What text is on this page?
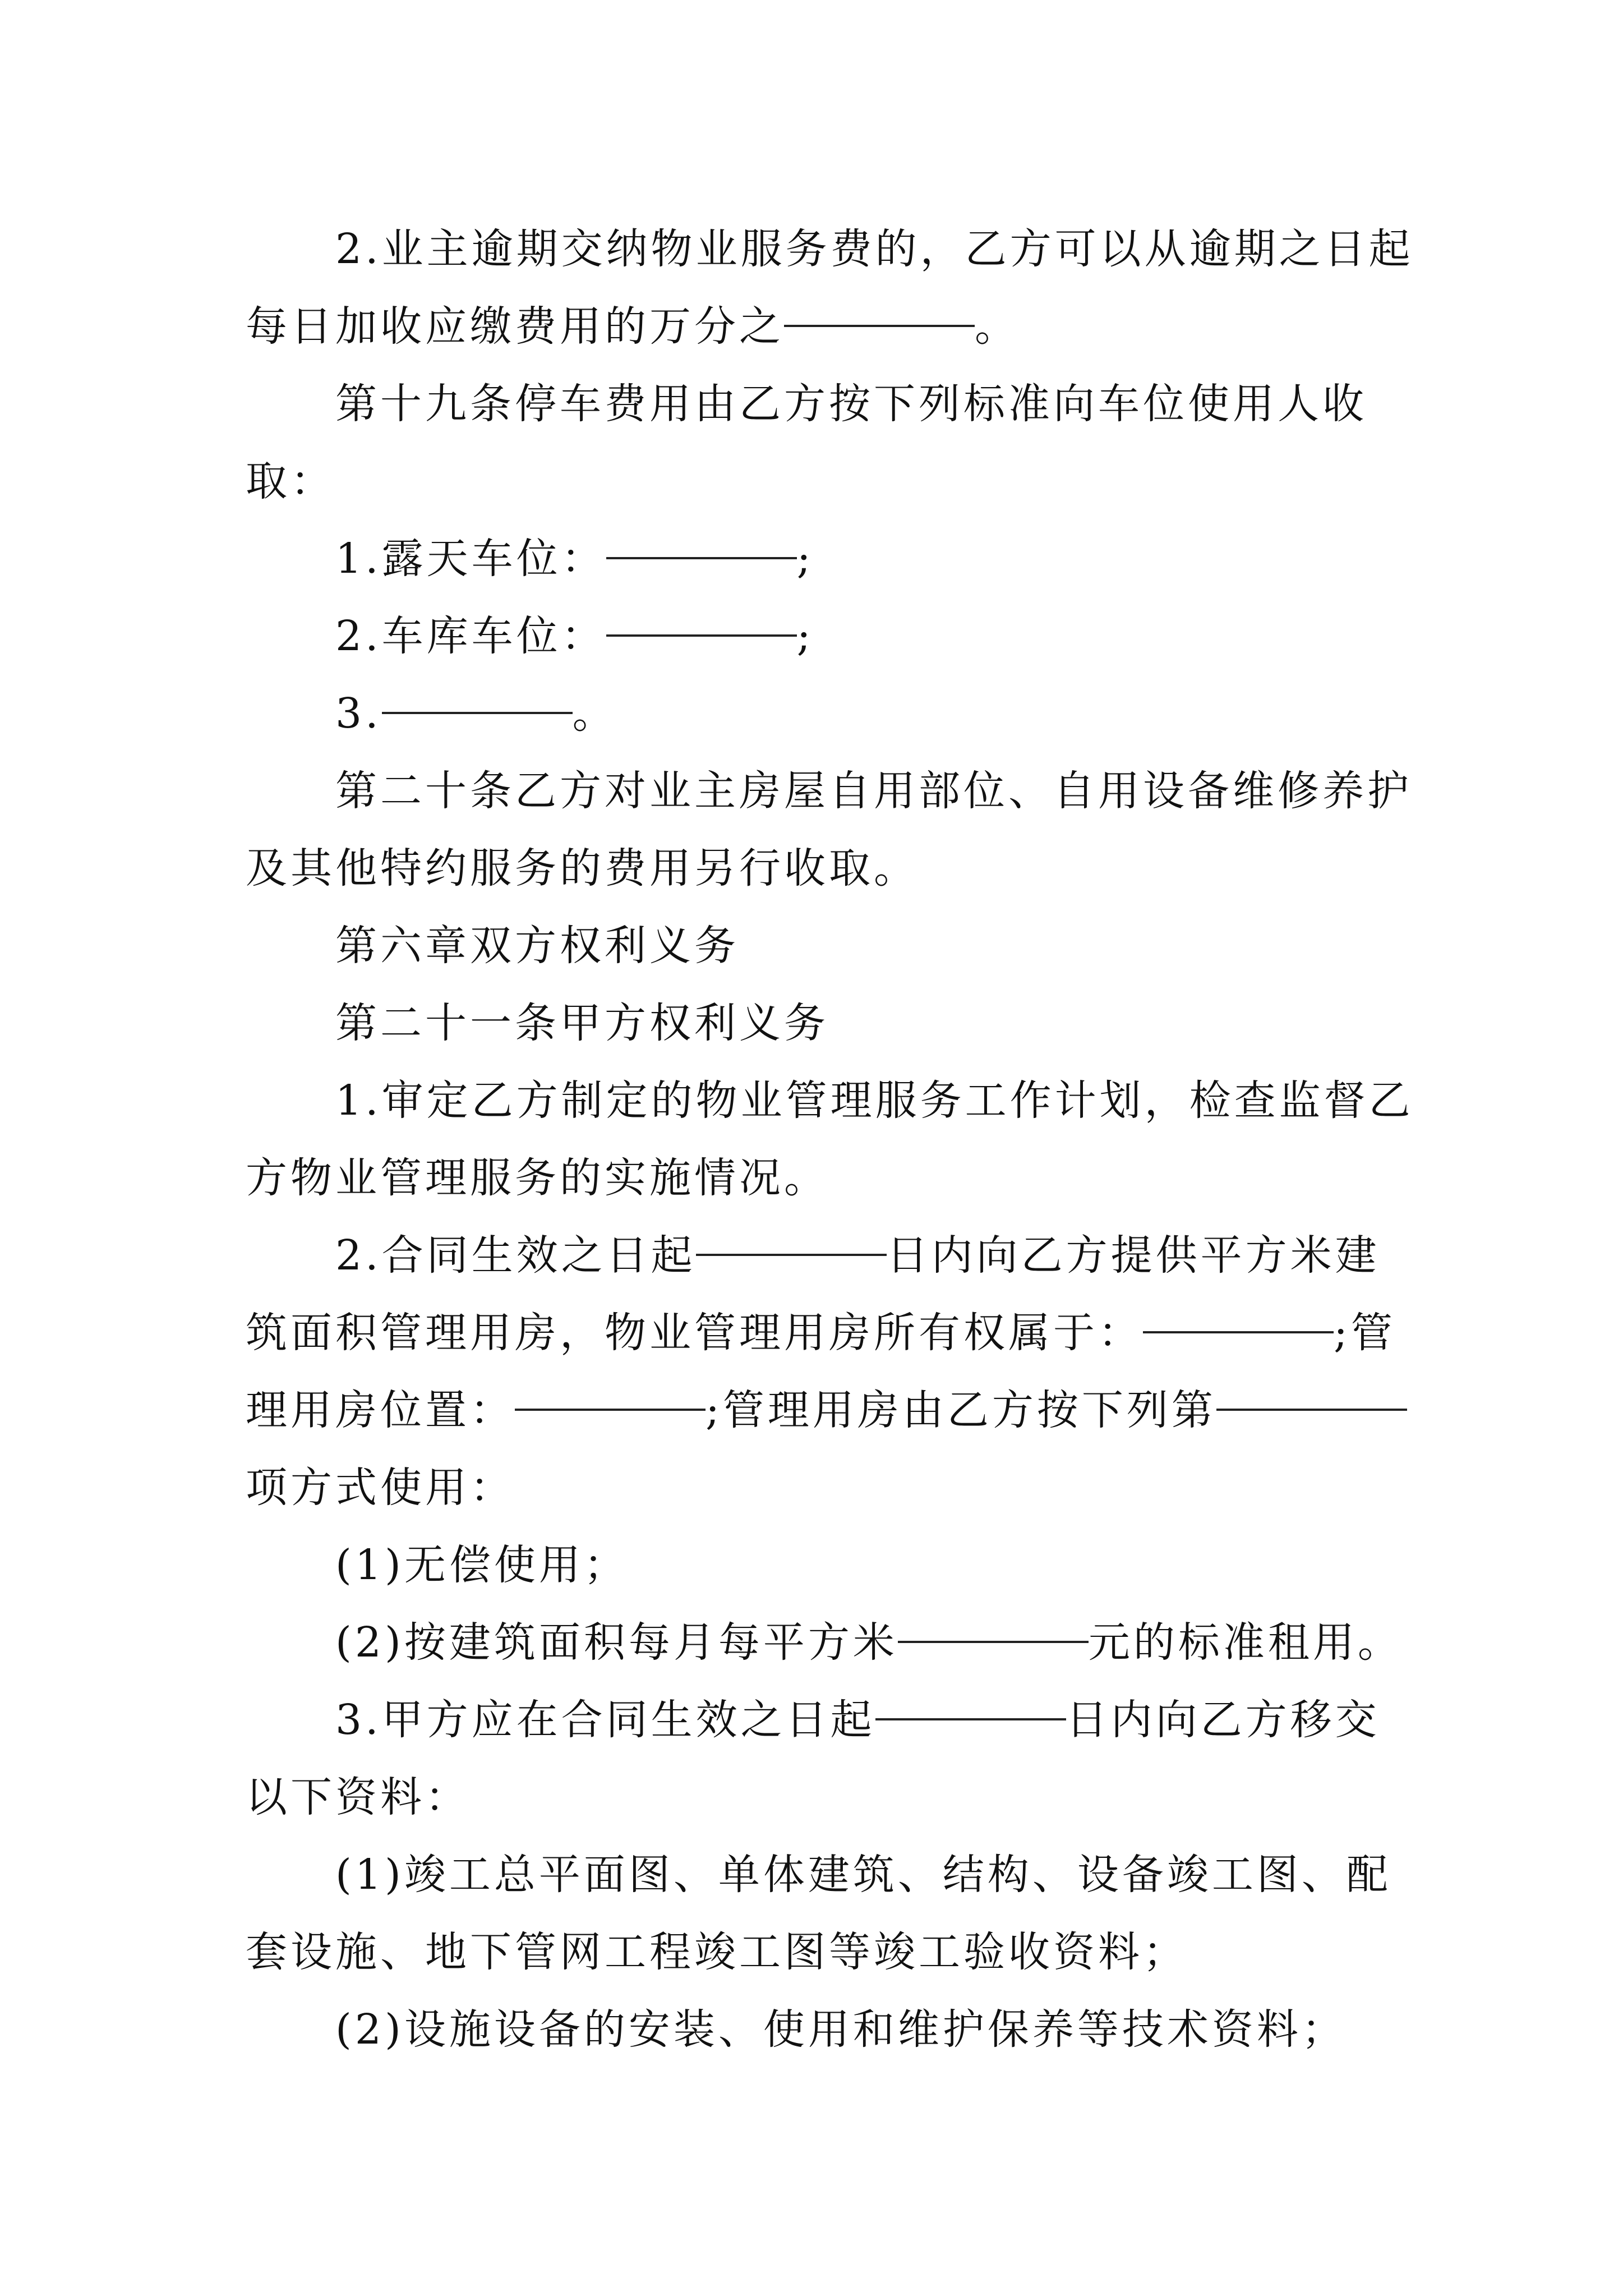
2.业主逾期交纳物业服务费的，乙方可以从逾期之日起
每日加收应缴费用的万分之	。
第十九条停车费用由乙方按下列标准向车位使用人收
取：
1.露天车位：	;
2.车库车位：	;
3.	。
第二十条乙方对业主房屋自用部位、自用设备维修养护
及其他特约服务的费用另行收取。
第六章双方权利义务
第二十一条甲方权利义务
1.审定乙方制定的物业管理服务工作计划，检查监督乙
方物业管理服务的实施情况。
2.合同生效之日起	日内向乙方提供平方米建
筑面积管理用房，物业管理用房所有权属于：	;管
理用房位置：	;管理用房由乙方按下列第
项方式使用：
(1)无偿使用；
(2)按建筑面积每月每平方米	元的标准租用。
3.甲方应在合同生效之日起	日内向乙方移交
以下资料：
(1)竣工总平面图、单体建筑、结构、设备竣工图、配
套设施、地下管网工程竣工图等竣工验收资料；
(2)设施设备的安装、使用和维护保养等技术资料；
